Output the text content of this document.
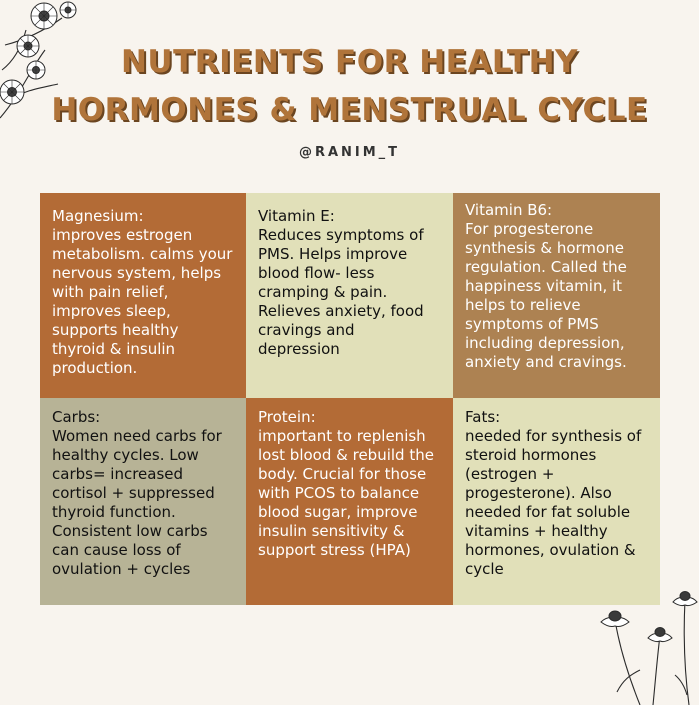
NUTRIENTS FOR HEALTHY
HORMONES & MENSTRUAL CYCLE
@RANIM_T
Magnesium:
improves estrogen metabolism. calms your nervous system, helps with pain relief, improves sleep, supports healthy thyroid & insulin production.
Vitamin E:
Reduces symptoms of PMS. Helps improve blood flow- less cramping & pain. Relieves anxiety, food cravings and depression
Vitamin B6:
For progesterone synthesis & hormone regulation. Called the happiness vitamin, it helps to relieve symptoms of PMS including depression, anxiety and cravings.
Carbs:
Women need carbs for healthy cycles. Low carbs= increased cortisol + suppressed thyroid function. Consistent low carbs can cause loss of ovulation + cycles
Protein:
important to replenish lost blood & rebuild the body. Crucial for those with PCOS to balance blood sugar, improve insulin sensitivity & support stress (HPA)
Fats:
needed for synthesis of steroid hormones (estrogen + progesterone). Also needed for fat soluble vitamins + healthy hormones, ovulation & cycle
